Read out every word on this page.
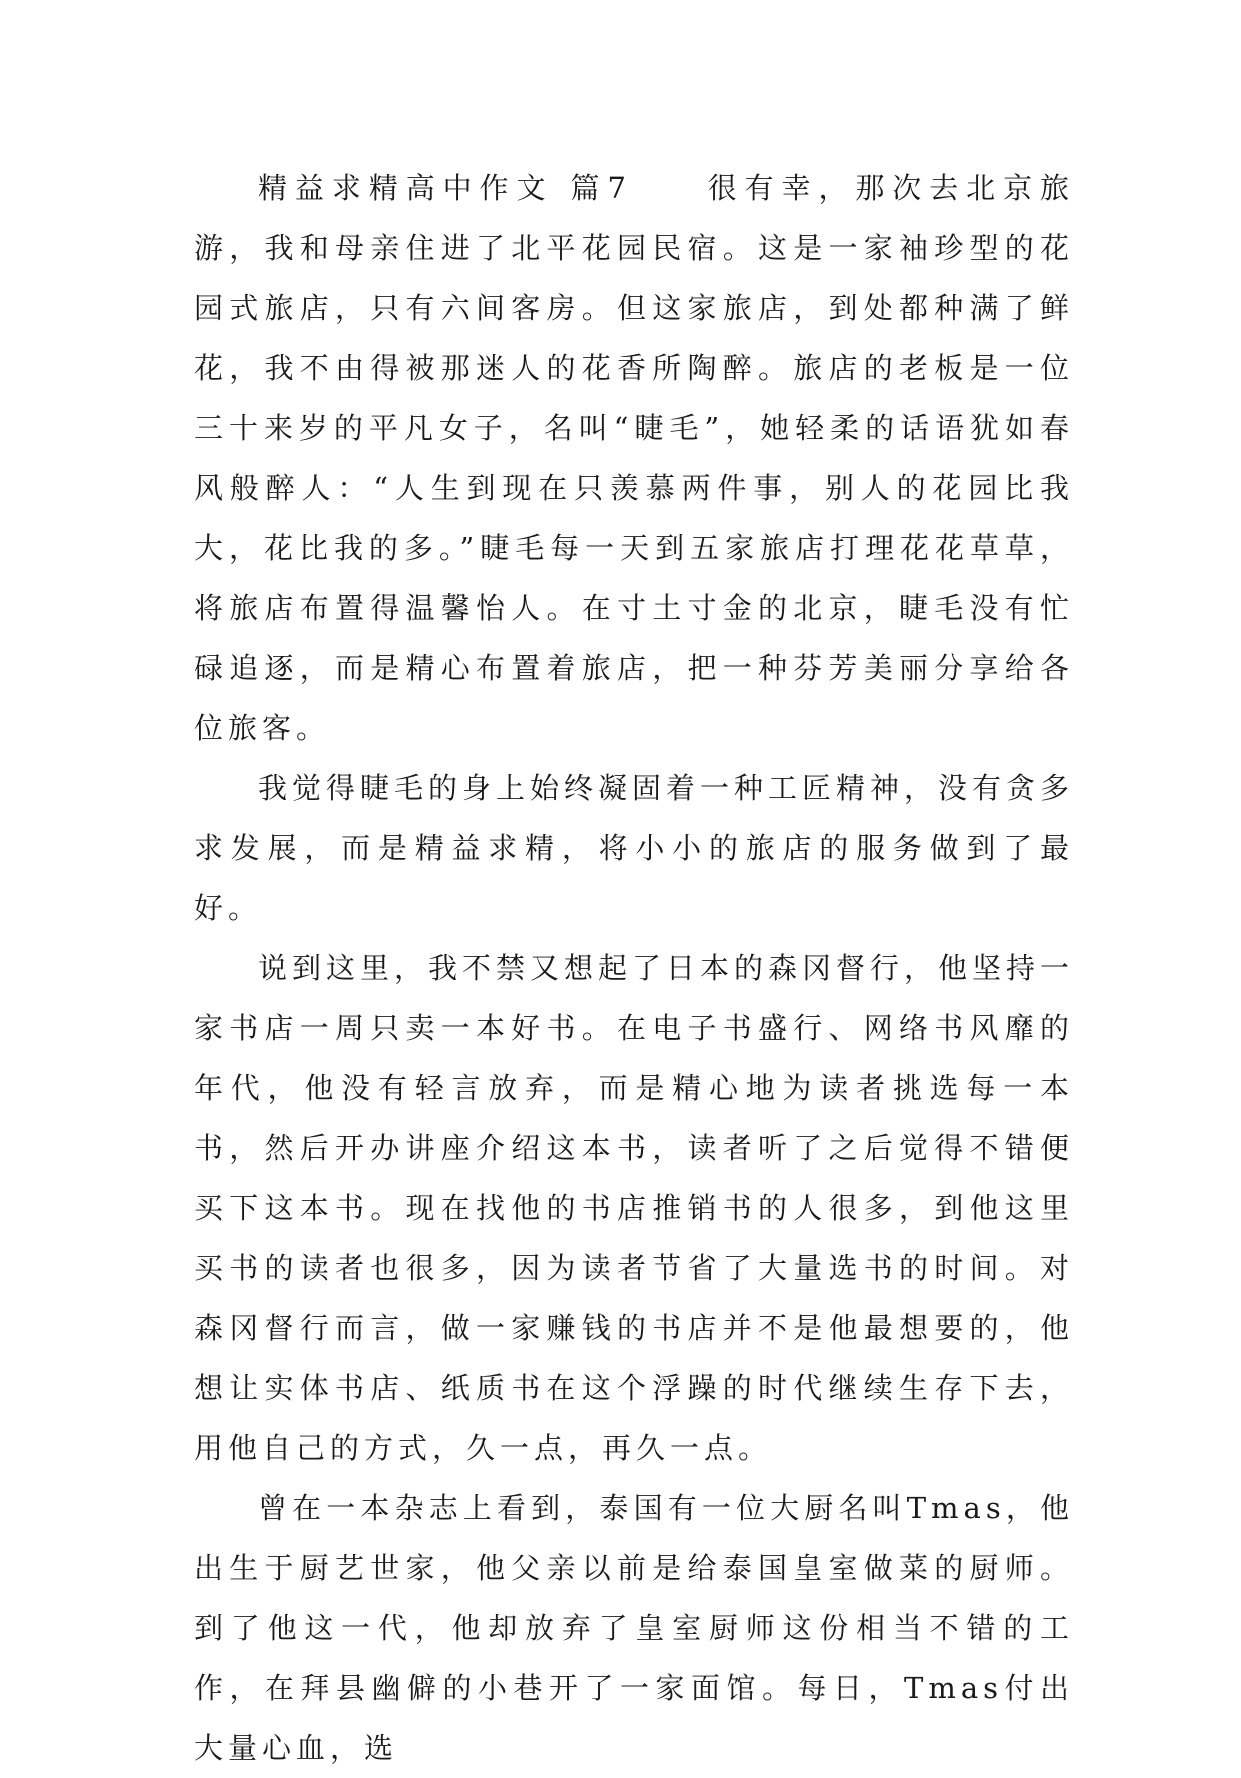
精益求精高中作文 篇7　　很有幸，那次去北京旅游，我和母亲住进了北平花园民宿。这是一家袖珍型的花园式旅店，只有六间客房。但这家旅店，到处都种满了鲜花，我不由得被那迷人的花香所陶醉。旅店的老板是一位三十来岁的平凡女子，名叫“睫毛”，她轻柔的话语犹如春风般醉人：“人生到现在只羡慕两件事，别人的花园比我大，花比我的多。”睫毛每一天到五家旅店打理花花草草，将旅店布置得温馨怡人。在寸土寸金的北京，睫毛没有忙碌追逐，而是精心布置着旅店，把一种芬芳美丽分享给各位旅客。

我觉得睫毛的身上始终凝固着一种工匠精神，没有贪多求发展，而是精益求精，将小小的旅店的服务做到了最好。

说到这里，我不禁又想起了日本的森冈督行，他坚持一家书店一周只卖一本好书。在电子书盛行、网络书风靡的年代，他没有轻言放弃，而是精心地为读者挑选每一本书，然后开办讲座介绍这本书，读者听了之后觉得不错便买下这本书。现在找他的书店推销书的人很多，到他这里买书的读者也很多，因为读者节省了大量选书的时间。对森冈督行而言，做一家赚钱的书店并不是他最想要的，他想让实体书店、纸质书在这个浮躁的时代继续生存下去，用他自己的方式，久一点，再久一点。

曾在一本杂志上看到，泰国有一位大厨名叫Tmas，他出生于厨艺世家，他父亲以前是给泰国皇室做菜的厨师。到了他这一代，他却放弃了皇室厨师这份相当不错的工作，在拜县幽僻的小巷开了一家面馆。每日，Tmas付出大量心血，选
